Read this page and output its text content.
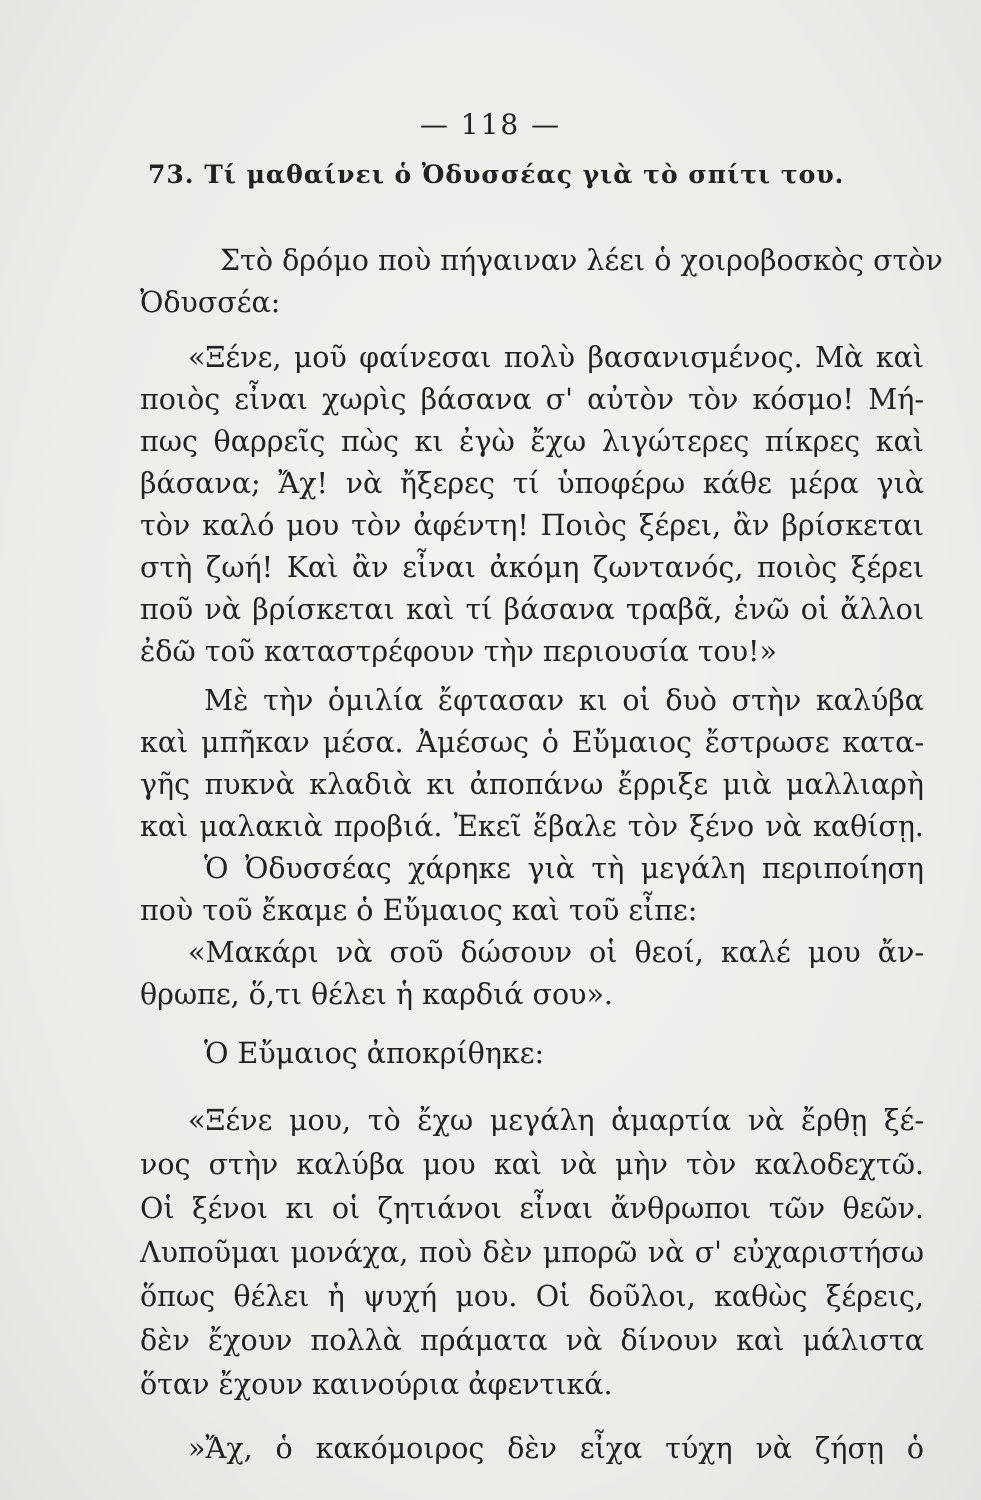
— 118 —
73. Τί μαθαίνει ὁ Ὀδυσσέας γιὰ τὸ σπίτι του.
Στὸ δρόμο ποὺ πήγαιναν λέει ὁ χοιροβοσκὸς στὸν
Ὀδυσσέα:
«Ξένε, μοῦ φαίνεσαι πολὺ βασανισμένος. Μὰ καὶ
ποιὸς εἶναι χωρὶς βάσανα σ' αὐτὸν τὸν κόσμο! Μή-
πως θαρρεῖς πὼς κι ἐγὼ ἔχω λιγώτερες πίκρες καὶ
βάσανα; Ἄχ! νὰ ἤξερες τί ὑποφέρω κάθε μέρα γιὰ
τὸν καλό μου τὸν ἀφέντη! Ποιὸς ξέρει, ἂν βρίσκεται
στὴ ζωή! Καὶ ἂν εἶναι ἀκόμη ζωντανός, ποιὸς ξέρει
ποῦ νὰ βρίσκεται καὶ τί βάσανα τραβᾶ, ἐνῶ οἱ ἄλλοι
ἐδῶ τοῦ καταστρέφουν τὴν περιουσία του!»
Μὲ τὴν ὁμιλία ἔφτασαν κι οἱ δυὸ στὴν καλύβα
καὶ μπῆκαν μέσα. Ἀμέσως ὁ Εὔμαιος ἔστρωσε κατα-
γῆς πυκνὰ κλαδιὰ κι ἀποπάνω ἔρριξε μιὰ μαλλιαρὴ
καὶ μαλακιὰ προβιά. Ἐκεῖ ἔβαλε τὸν ξένο νὰ καθίσῃ.
Ὁ Ὀδυσσέας χάρηκε γιὰ τὴ μεγάλη περιποίηση
ποὺ τοῦ ἔκαμε ὁ Εὔμαιος καὶ τοῦ εἶπε:
«Μακάρι νὰ σοῦ δώσουν οἱ θεοί, καλέ μου ἄν-
θρωπε, ὅ,τι θέλει ἡ καρδιά σου».
Ὁ Εὔμαιος ἀποκρίθηκε:
«Ξένε μου, τὸ ἔχω μεγάλη ἁμαρτία νὰ ἔρθῃ ξέ-
νος στὴν καλύβα μου καὶ νὰ μὴν τὸν καλοδεχτῶ.
Οἱ ξένοι κι οἱ ζητιάνοι εἶναι ἄνθρωποι τῶν θεῶν.
Λυποῦμαι μονάχα, ποὺ δὲν μπορῶ νὰ σ' εὐχαριστήσω
ὅπως θέλει ἡ ψυχή μου. Οἱ δοῦλοι, καθὼς ξέρεις,
δὲν ἔχουν πολλὰ πράματα νὰ δίνουν καὶ μάλιστα
ὅταν ἔχουν καινούρια ἀφεντικά.
»Ἄχ, ὁ κακόμοιρος δὲν εἶχα τύχη νὰ ζήσῃ ὁ
